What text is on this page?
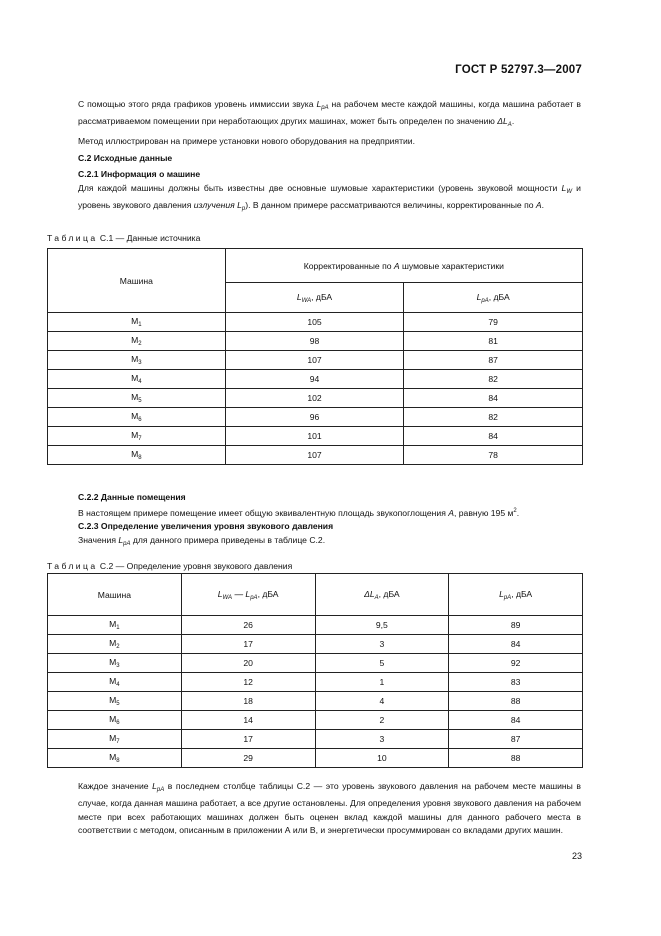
ГОСТ Р 52797.3—2007
С помощью этого ряда графиков уровень иммиссии звука $L_{pA}$ на рабочем месте каждой машины, когда машина работает в рассматриваемом помещении при неработающих других машинах, может быть определен по значению $\Delta L_A$.
Метод иллюстрирован на примере установки нового оборудования на предприятии.
С.2 Исходные данные
С.2.1 Информация о машине
Для каждой машины должны быть известны две основные шумовые характеристики (уровень звуковой мощности $L_W$ и уровень звукового давления излучения $L_p$). В данном примере рассматриваются величины, корректированные по А.
Таблица С.1 — Данные источника
Машина	Корректированные по А шумовые характеристики	
	$L_{WA}$, дБА	$L_{pA}$, дБА
$М_1$	105	79
$М_2$	98	81
$М_3$	107	87
$М_4$	94	82
$М_5$	102	84
$М_6$	96	82
$М_7$	101	84
$М_8$	107	78
С.2.2 Данные помещения
В настоящем примере помещение имеет общую эквивалентную площадь звукопоглощения А, равную 195 $м^2$.
С.2.3 Определение увеличения уровня звукового давления
Значения $L_{pA}$ для данного примера приведены в таблице С.2.
Таблица С.2 — Определение уровня звукового давления
Машина	$L_{WA}$ — $L_{pA}$, дБА	$\Delta L_A$, дБА	$L_{pA}$, дБА
$М_1$	26	9,5	89
$М_2$	17	3	84
$М_3$	20	5	92
$М_4$	12	1	83
$М_5$	18	4	88
$М_6$	14	2	84
$М_7$	17	3	87
$М_8$	29	10	88
Каждое значение $L_{pA}$ в последнем столбце таблицы С.2 — это уровень звукового давления на рабочем месте машины в случае, когда данная машина работает, а все другие остановлены. Для определения уровня звукового давления на рабочем месте при всех работающих машинах должен быть оценен вклад каждой машины для данного рабочего места в соответствии с методом, описанным в приложении А или В, и энергетически просуммирован со вкладами других машин.
23
